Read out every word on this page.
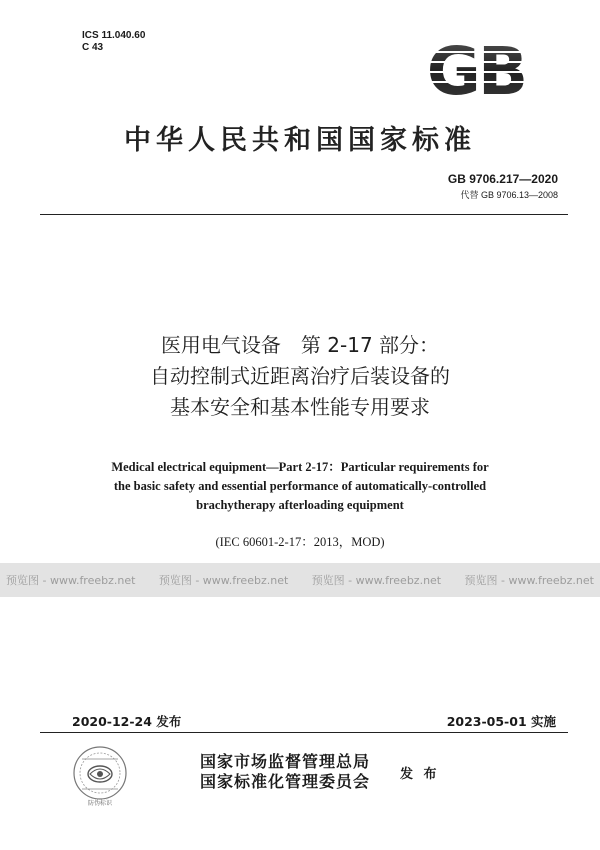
ICS 11.040.60
C 43	GB
中华人民共和国国家标准
GB 9706.217—2020
代替 GB 9706.13—2008
医用电气设备　第 2-17 部分：
自动控制式近距离治疗后装设备的
基本安全和基本性能专用要求
Medical electrical equipment—Part 2-17：Particular requirements for
the basic safety and essential performance of automatically-controlled
brachytherapy afterloading equipment
(IEC 60601-2-17：2013，MOD)
预览图 - www.freebz.net 预览图 - www.freebz.net 预览图 - www.freebz.net 预览图 - www.freebz.net
2020-12-24 发布	2023-05-01 实施
防伪标识
国家市场监督管理总局
国家标准化管理委员会 发 布
